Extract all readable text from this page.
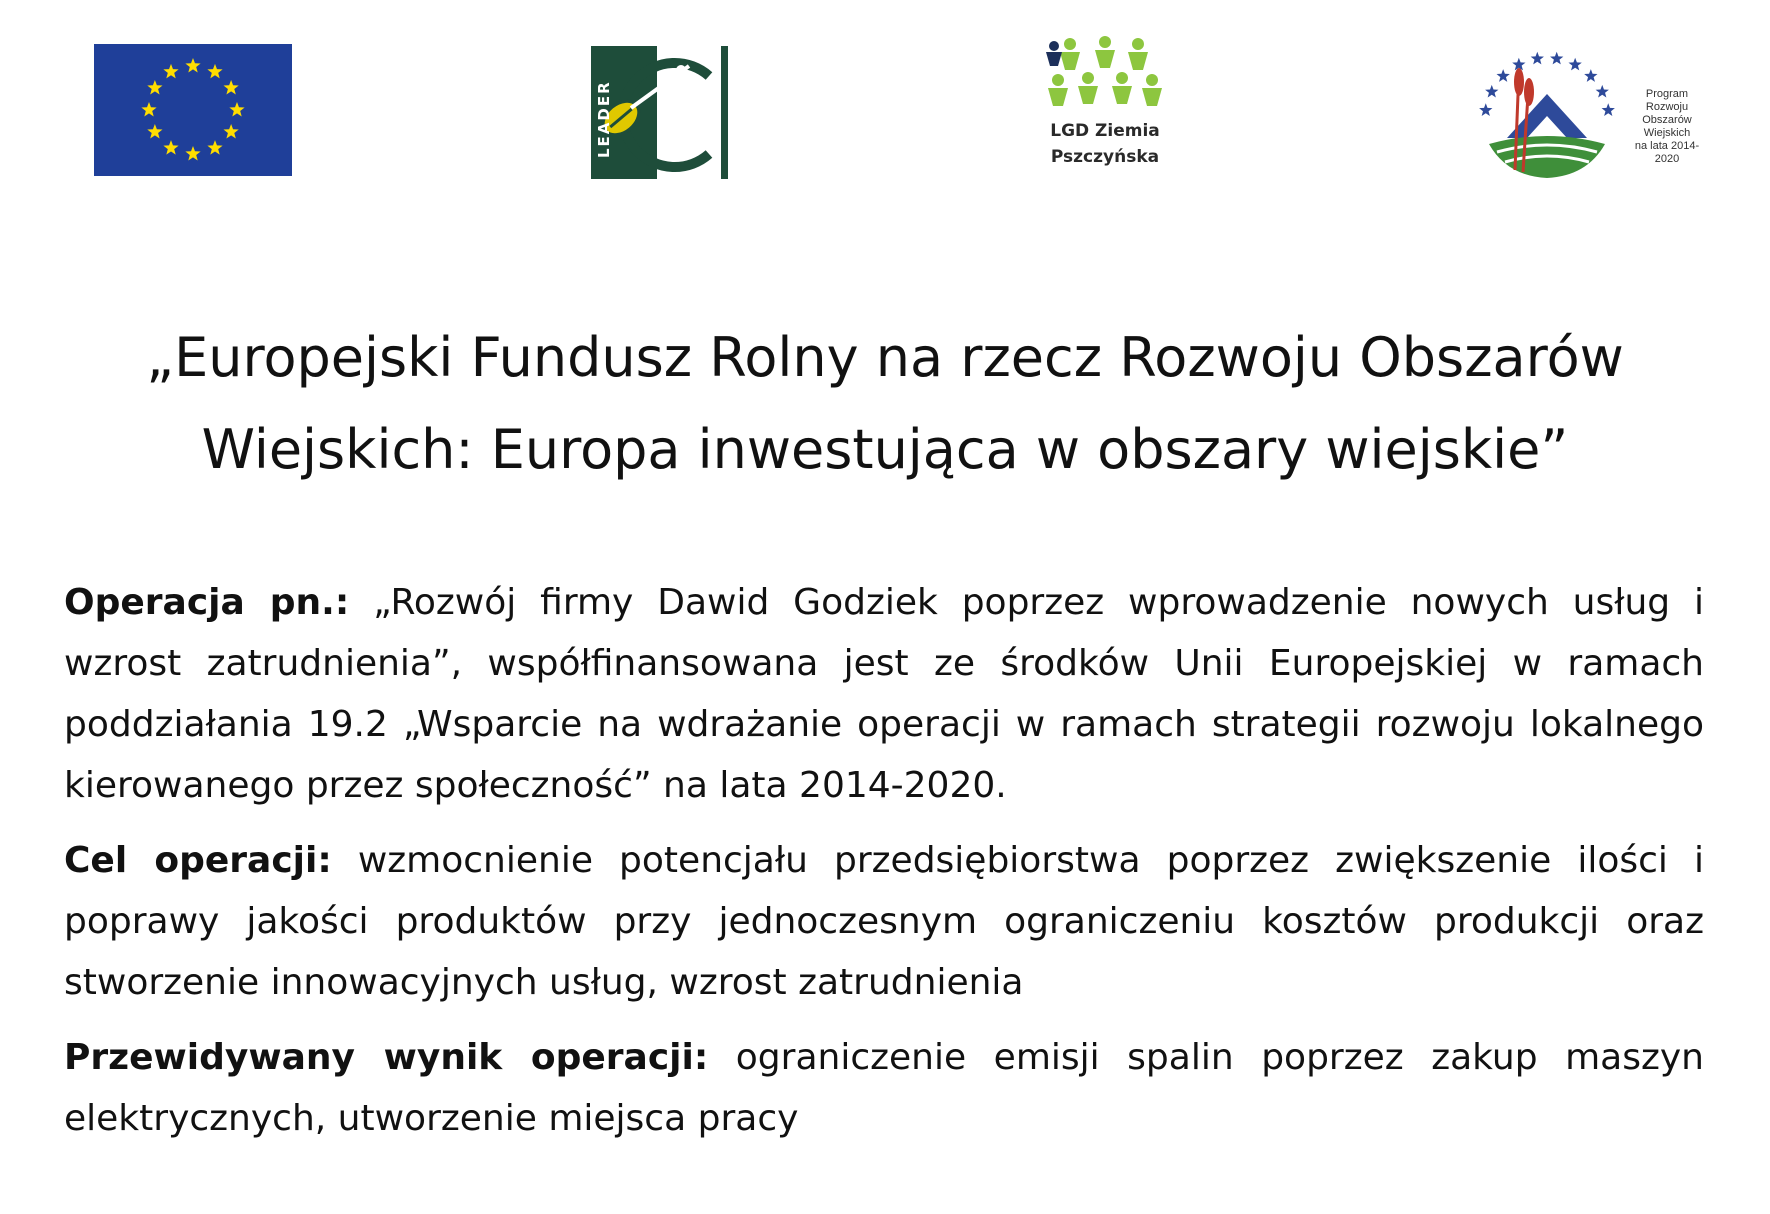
LEADER	LGD Ziemia
Pszczyńska
Program
Rozwoju
Obszarów
Wiejskich
na lata 2014-2020
„Europejski Fundusz Rolny na rzecz Rozwoju Obszarów
Wiejskich: Europa inwestująca w obszary wiejskie”

Operacja pn.: „Rozwój firmy Dawid Godziek poprzez wprowadzenie nowych usług i wzrost zatrudnienia”, współfinansowana jest ze środków Unii Europejskiej w ramach poddziałania 19.2 „Wsparcie na wdrażanie operacji w ramach strategii rozwoju lokalnego kierowanego przez społeczność” na lata 2014-2020.

Cel operacji: wzmocnienie potencjału przedsiębiorstwa poprzez zwiększenie ilości i poprawy jakości produktów przy jednoczesnym ograniczeniu kosztów produkcji oraz stworzenie innowacyjnych usług, wzrost zatrudnienia

Przewidywany wynik operacji: ograniczenie emisji spalin poprzez zakup maszyn elektrycznych, utworzenie miejsca pracy
